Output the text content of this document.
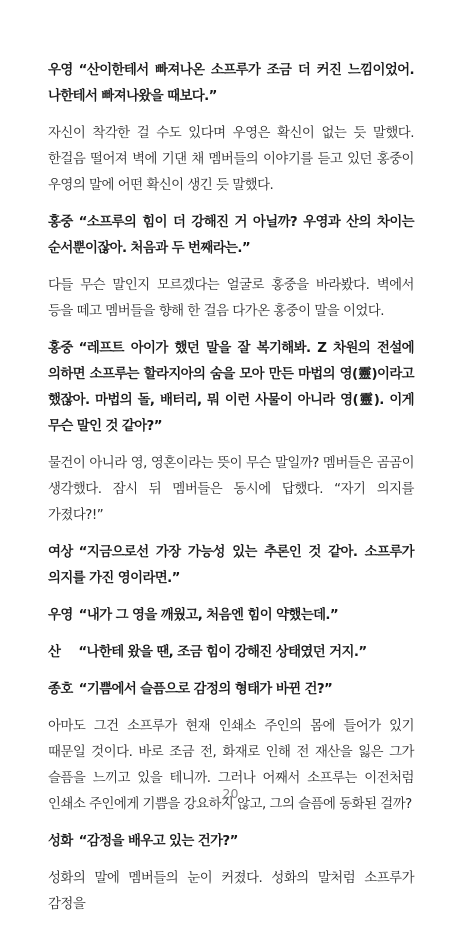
우영 “산이한테서 빠져나온 소프루가 조금 더 커진 느낌이었어. 나한테서 빠져나왔을 때보다.”

자신이 착각한 걸 수도 있다며 우영은 확신이 없는 듯 말했다. 한걸음 떨어져 벽에 기댄 채 멤버들의 이야기를 듣고 있던 홍중이 우영의 말에 어떤 확신이 생긴 듯 말했다.

홍중 “소프루의 힘이 더 강해진 거 아닐까? 우영과 산의 차이는 순서뿐이잖아. 처음과 두 번째라는.”

다들 무슨 말인지 모르겠다는 얼굴로 홍중을 바라봤다. 벽에서 등을 떼고 멤버들을 향해 한 걸음 다가온 홍중이 말을 이었다.

홍중 “레프트 아이가 했던 말을 잘 복기해봐. Z 차원의 전설에 의하면 소프루는 할라지아의 숨을 모아 만든 마법의 영(靈)이라고 했잖아. 마법의 돌, 배터리, 뭐 이런 사물이 아니라 영(靈). 이게 무슨 말인 것 같아?”

물건이 아니라 영, 영혼이라는 뜻이 무슨 말일까? 멤버들은 곰곰이 생각했다. 잠시 뒤 멤버들은 동시에 답했다. “자기 의지를 가졌다?!”

여상 “지금으로선 가장 가능성 있는 추론인 것 같아. 소프루가 의지를 가진 영이라면.”

우영 “내가 그 영을 깨웠고, 처음엔 힘이 약했는데.”

산 “나한테 왔을 땐, 조금 힘이 강해진 상태였던 거지.”

종호 “기쁨에서 슬픔으로 감정의 형태가 바뀐 건?”

아마도 그건 소프루가 현재 인쇄소 주인의 몸에 들어가 있기 때문일 것이다. 바로 조금 전, 화재로 인해 전 재산을 잃은 그가 슬픔을 느끼고 있을 테니까. 그러나 어째서 소프루는 이전처럼 인쇄소 주인에게 기쁨을 강요하지 않고, 그의 슬픔에 동화된 걸까?

성화 “감정을 배우고 있는 건가?”

성화의 말에 멤버들의 눈이 커졌다. 성화의 말처럼 소프루가 감정을

20
